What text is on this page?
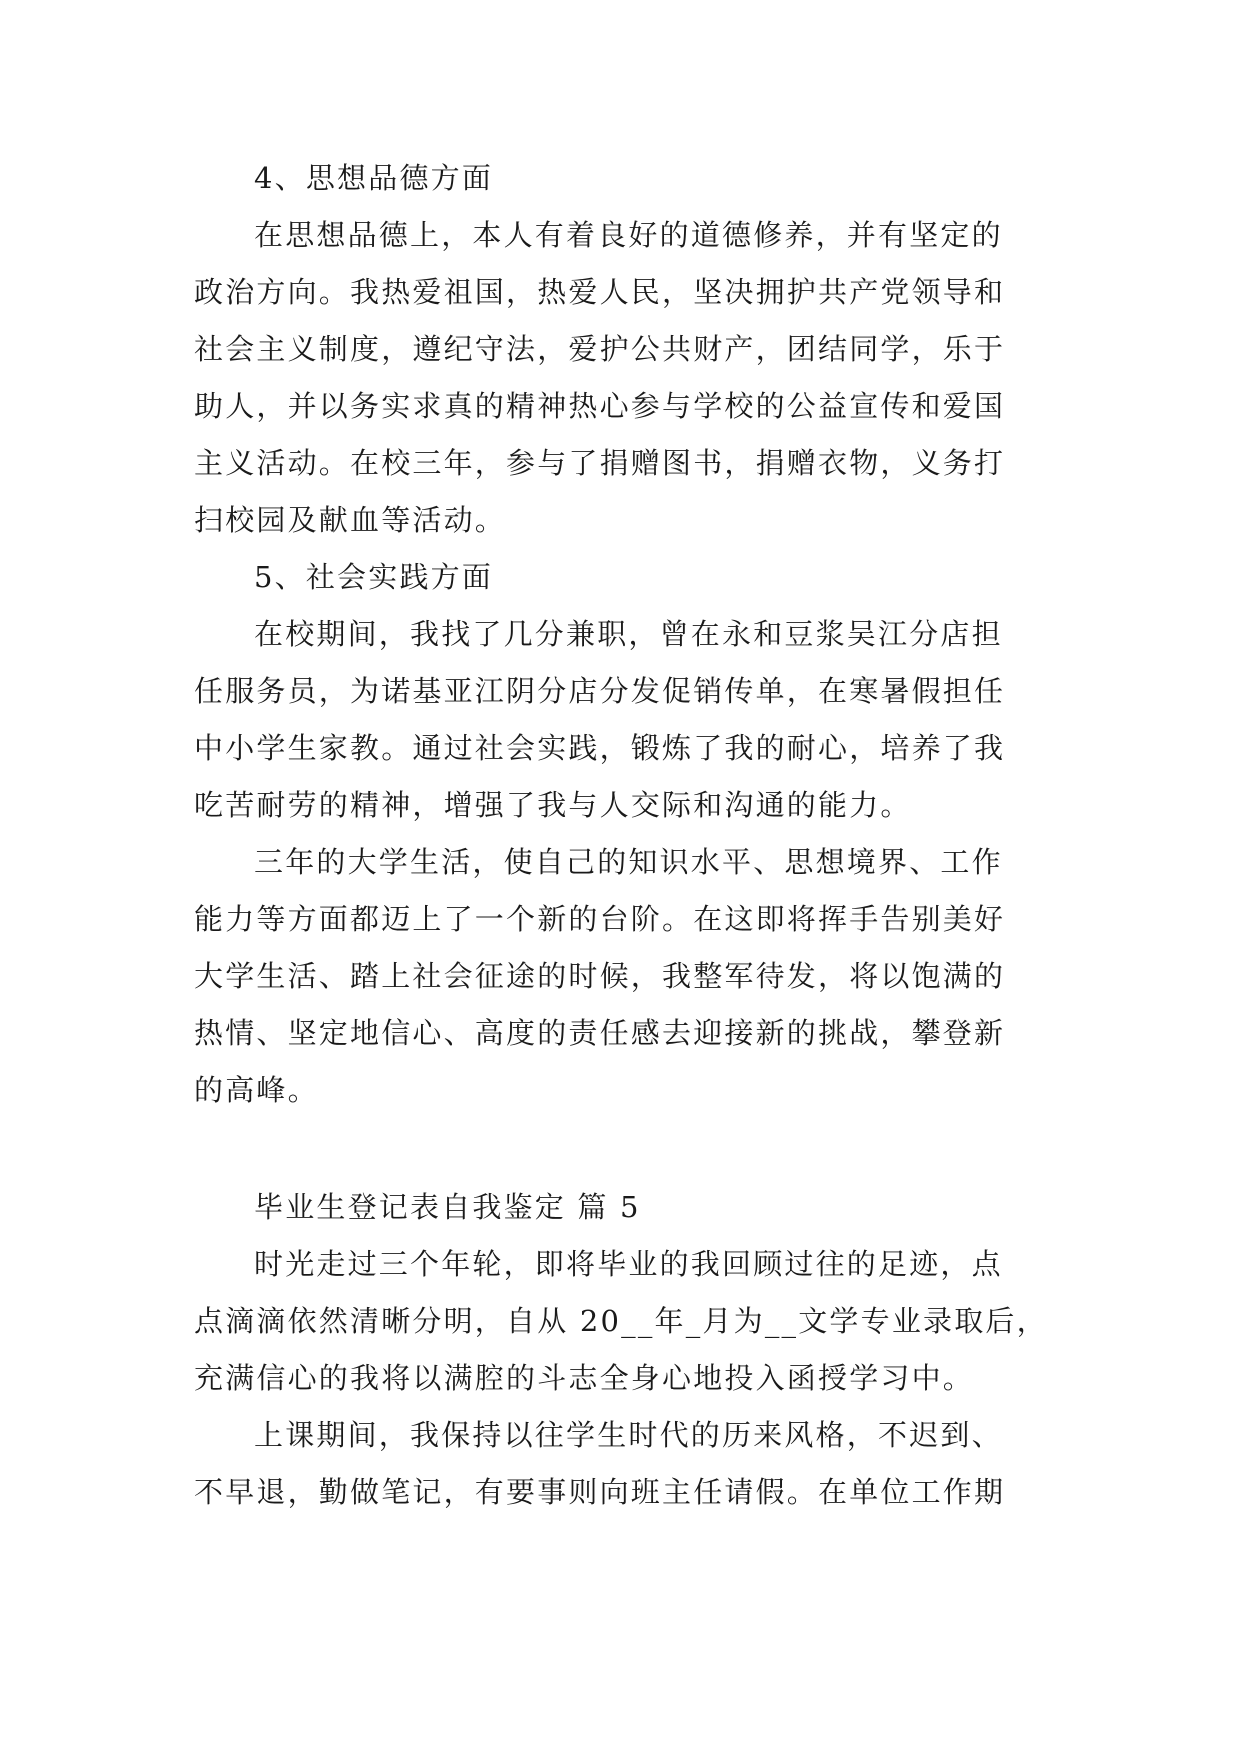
4、思想品德方面
在思想品德上，本人有着良好的道德修养，并有坚定的
政治方向。我热爱祖国，热爱人民，坚决拥护共产党领导和
社会主义制度，遵纪守法，爱护公共财产，团结同学，乐于
助人，并以务实求真的精神热心参与学校的公益宣传和爱国
主义活动。在校三年，参与了捐赠图书，捐赠衣物，义务打
扫校园及献血等活动。
5、社会实践方面
在校期间，我找了几分兼职，曾在永和豆浆吴江分店担
任服务员，为诺基亚江阴分店分发促销传单，在寒暑假担任
中小学生家教。通过社会实践，锻炼了我的耐心，培养了我
吃苦耐劳的精神，增强了我与人交际和沟通的能力。
三年的大学生活，使自己的知识水平、思想境界、工作
能力等方面都迈上了一个新的台阶。在这即将挥手告别美好
大学生活、踏上社会征途的时候，我整军待发，将以饱满的
热情、坚定地信心、高度的责任感去迎接新的挑战，攀登新
的高峰。
毕业生登记表自我鉴定 篇 5
时光走过三个年轮，即将毕业的我回顾过往的足迹，点
点滴滴依然清晰分明，自从 20__年_月为__文学专业录取后，
充满信心的我将以满腔的斗志全身心地投入函授学习中。
上课期间，我保持以往学生时代的历来风格，不迟到、
不早退，勤做笔记，有要事则向班主任请假。在单位工作期
